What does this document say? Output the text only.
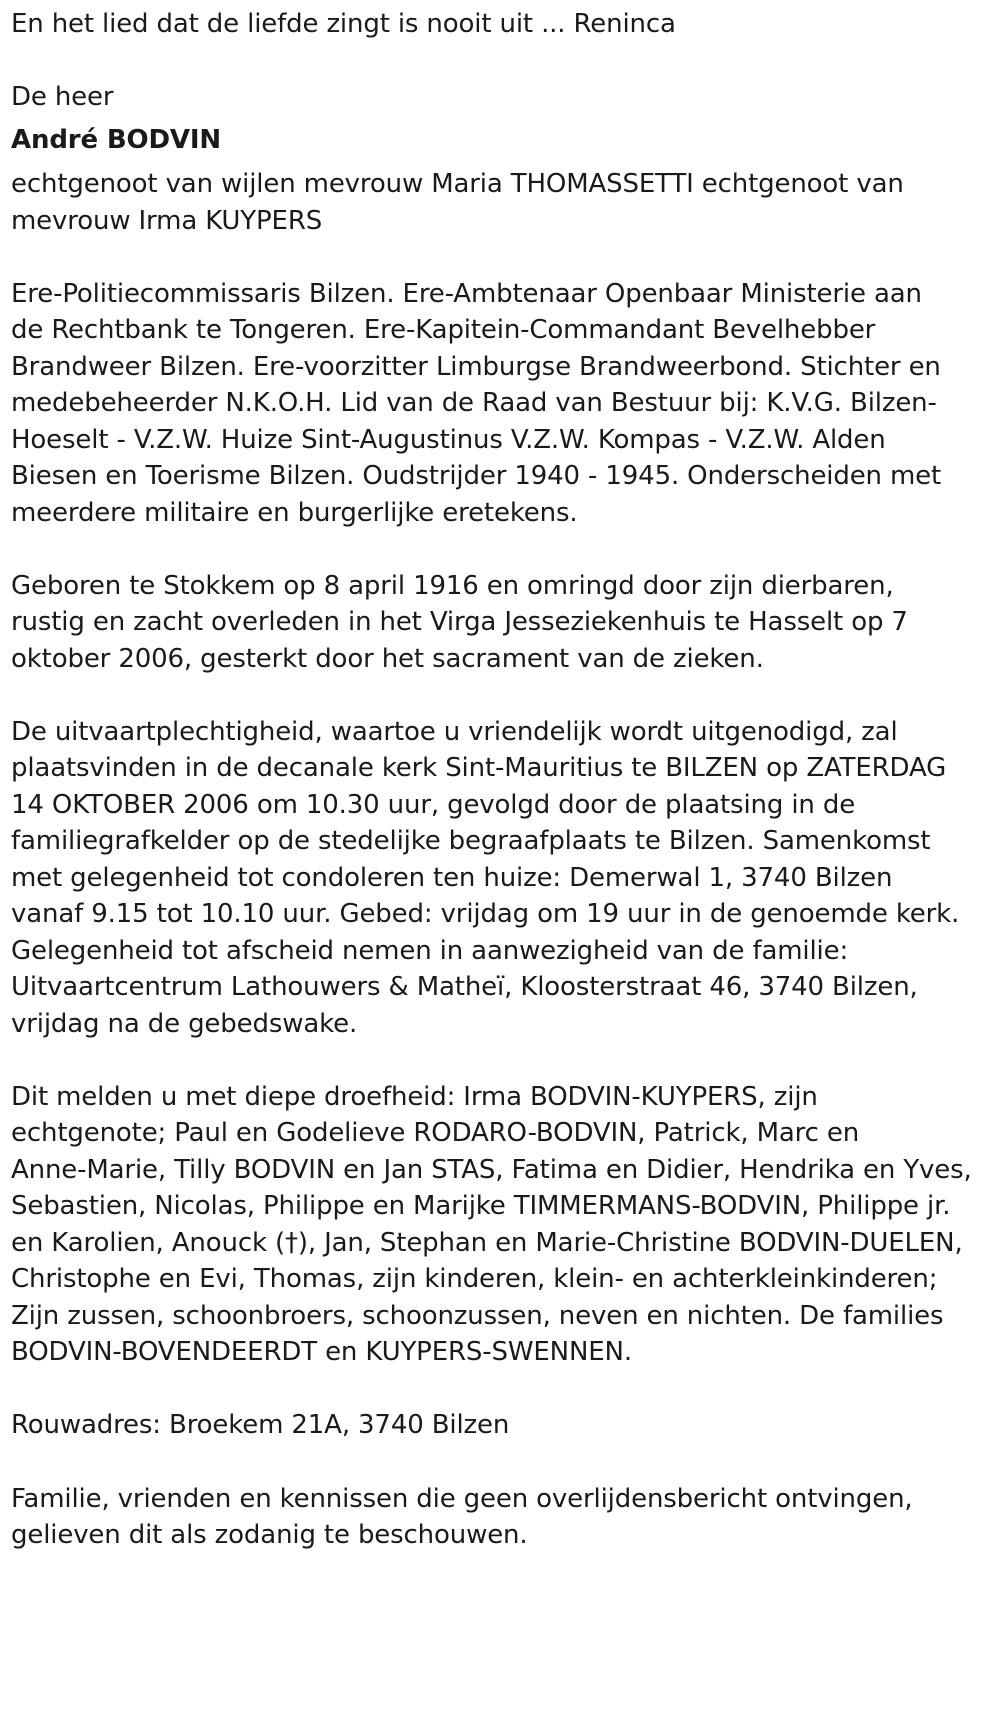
En het lied dat de liefde zingt is nooit uit ... Reninca
De heer
André BODVIN
echtgenoot van wijlen mevrouw Maria THOMASSETTI echtgenoot van
mevrouw Irma KUYPERS
Ere-Politiecommissaris Bilzen. Ere-Ambtenaar Openbaar Ministerie aan
de Rechtbank te Tongeren. Ere-Kapitein-Commandant Bevelhebber
Brandweer Bilzen. Ere-voorzitter Limburgse Brandweerbond. Stichter en
medebeheerder N.K.O.H. Lid van de Raad van Bestuur bij: K.V.G. Bilzen-
Hoeselt - V.Z.W. Huize Sint-Augustinus V.Z.W. Kompas - V.Z.W. Alden
Biesen en Toerisme Bilzen. Oudstrijder 1940 - 1945. Onderscheiden met
meerdere militaire en burgerlijke eretekens.
Geboren te Stokkem op 8 april 1916 en omringd door zijn dierbaren,
rustig en zacht overleden in het Virga Jesseziekenhuis te Hasselt op 7
oktober 2006, gesterkt door het sacrament van de zieken.
De uitvaartplechtigheid, waartoe u vriendelijk wordt uitgenodigd, zal
plaatsvinden in de decanale kerk Sint-Mauritius te BILZEN op ZATERDAG
14 OKTOBER 2006 om 10.30 uur, gevolgd door de plaatsing in de
familiegrafkelder op de stedelijke begraafplaats te Bilzen. Samenkomst
met gelegenheid tot condoleren ten huize: Demerwal 1, 3740 Bilzen
vanaf 9.15 tot 10.10 uur. Gebed: vrijdag om 19 uur in de genoemde kerk.
Gelegenheid tot afscheid nemen in aanwezigheid van de familie:
Uitvaartcentrum Lathouwers & Matheï, Kloosterstraat 46, 3740 Bilzen,
vrijdag na de gebedswake.
Dit melden u met diepe droefheid: Irma BODVIN-KUYPERS, zijn
echtgenote; Paul en Godelieve RODARO-BODVIN, Patrick, Marc en
Anne-Marie, Tilly BODVIN en Jan STAS, Fatima en Didier, Hendrika en Yves,
Sebastien, Nicolas, Philippe en Marijke TIMMERMANS-BODVIN, Philippe jr.
en Karolien, Anouck (†), Jan, Stephan en Marie-Christine BODVIN-DUELEN,
Christophe en Evi, Thomas, zijn kinderen, klein- en achterkleinkinderen;
Zijn zussen, schoonbroers, schoonzussen, neven en nichten. De families
BODVIN-BOVENDEERDT en KUYPERS-SWENNEN.
Rouwadres: Broekem 21A, 3740 Bilzen
Familie, vrienden en kennissen die geen overlijdensbericht ontvingen,
gelieven dit als zodanig te beschouwen.
